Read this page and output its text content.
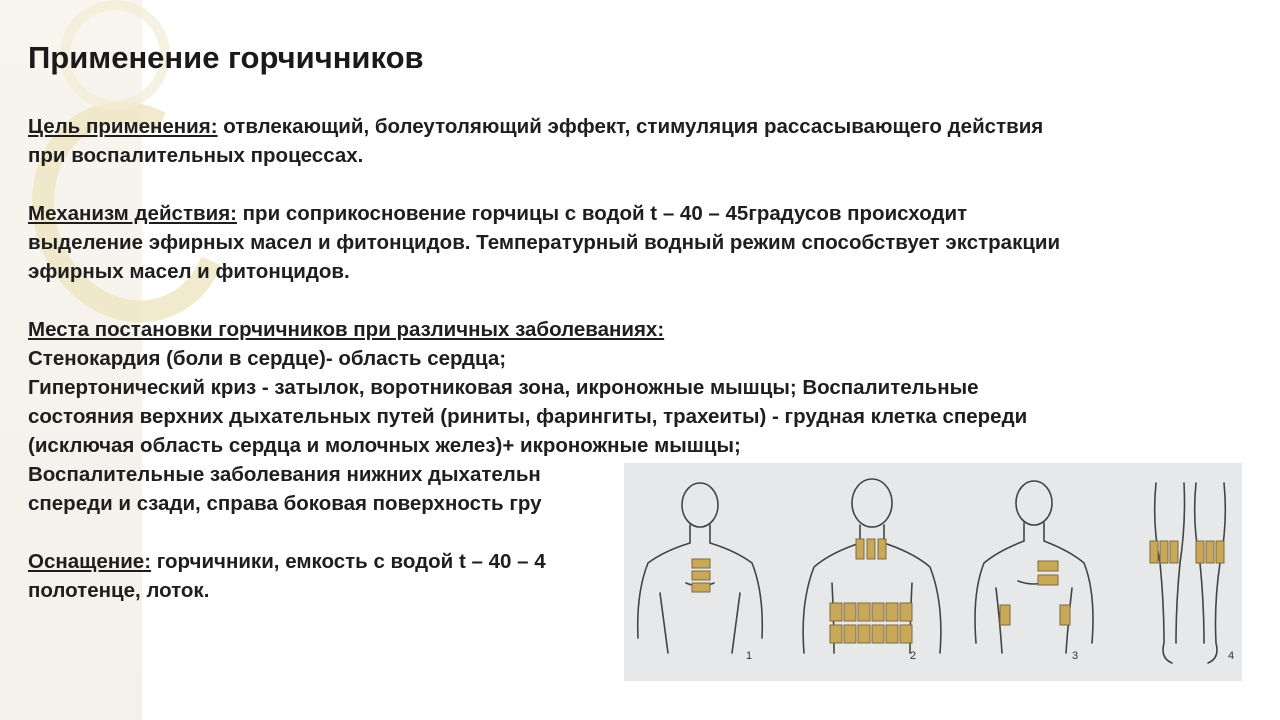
Применение горчичников

Цель применения: отвлекающий, болеутоляющий эффект, стимуляция рассасывающего действия

при воспалительных процессах.

Механизм действия: при соприкосновение горчицы с водой t – 40 – 45градусов происходит

выделение эфирных масел и фитонцидов. Температурный водный режим способствует экстракции

эфирных масел и фитонцидов.

Места постановки горчичников при различных заболеваниях:

Стенокардия (боли в сердце)- область сердца;

Гипертонический криз - затылок, воротниковая зона, икроножные мышцы; Воспалительные

состояния верхних дыхательных путей (риниты, фарингиты, трахеиты) - грудная клетка спереди

(исключая область сердца и молочных желез)+ икроножные мышцы;

Воспалительные заболевания нижних дыхательн

спереди и сзади, справа боковая поверхность гру

Оснащение: горчичники, емкость с водой t – 40 – 4

полотенце, лоток.

1	2	3	4
